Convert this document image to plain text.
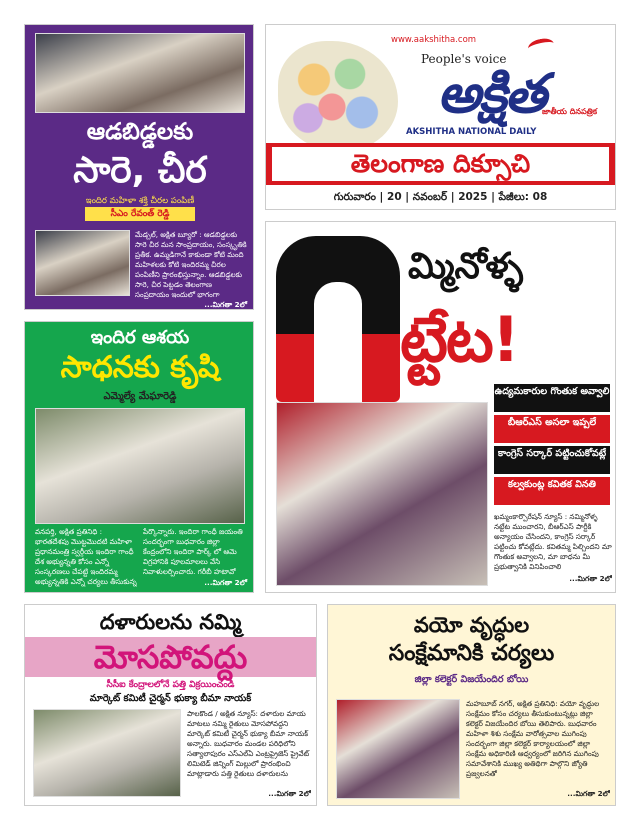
ఆడబిడ్డలకు
సారె, చీర
ఇందిర మహిళా శక్తి చీరల పంపిణీ
సీఎం రేవంత్ రెడ్డి
మేడ్చల్, అక్షిత బ్యూరో : ఆడబిడ్డలకు సారె చీర మన సాంప్రదాయం, సంస్కృతికి ప్రతీక. ఉమ్మడిగానే కాకుండా కోటి మంది మహిళలకు కోటి ఇందిరమ్మ చీరల పంపిణీని ప్రారంభిస్తున్నాం. ఆడబిడ్డలకు సారె, చీర పెట్టడం తెలంగాణ సంప్రదాయం ఇందులో భాగంగా
...మిగతా 2లో
www.aakshitha.com
People's voice
అక్షిత
జాతీయ దినపత్రిక
AKSHITHA NATIONAL DAILY
తెలంగాణ దిక్సూచి
గురువారం | 20 | నవంబర్ | 2025 | పేజీలు: 08
ఇందిర ఆశయ
సాధనకు కృషి
ఎమ్మెల్యే మేఘారెడ్డి
వనపర్తి, అక్షిత ప్రతినిధి : భారతదేశపు మొట్టమొదటి మహిళా ప్రధానమంత్రి స్వర్గీయ ఇందిరా గాంధీ దేశ అభ్యున్నతి కోసం ఎన్నో సంస్కరణలు చేపట్టి ఇందిరమ్మ అభ్యున్నతికి ఎన్నో చర్యలు తీసుకున్న
పేర్కొన్నారు. ఇందిరా గాంధీ జయంతి సందర్భంగా బుధవారం జిల్లా కేంద్రంలోని ఇందిరా పార్క్ లో ఆమె విగ్రహానికి పూలమాలలు వేసి నివాళులర్పించారు. గరీబీ హటావో
...మిగతా 2లో
మ్మినోళ్ళ
ట్టేట!
ఉద్యమకారుల గొంతుక అవ్వాలి
బీఆర్ఎస్ అసలా ఇప్పలే
కాంగ్రెస్ సర్కార్ పట్టించుకోవట్లే
కల్వకుంట్ల కవితక వినతి
ఖమ్మంకార్పొరేషన్ న్యూస్ : నమ్మినోళ్ళ నట్టేట ముంచారని, బీఆర్ఎస్ పార్టీకి అన్యాయం చేసిందని, కాంగ్రెస్ సర్కార్ పట్టించు కోవట్లేదు. కవితమ్మ పిల్చిందని మా గొంతుక అవ్వాలని, మా బాధను మీ ప్రభుత్వానికి వినిపించాలి
...మిగతా 2లో
దళారులను నమ్మి
మోసపోవద్దు
సీసీఐ కేంద్రాలలోనే పత్తి విక్రయించండి
మార్కెట్ కమిటీ చైర్మన్ భుక్యా బీమా నాయక్
పాలకొండ / అక్షిత న్యూస్: దళారుల మాయ మాటలు నమ్మి రైతులు మోసపోవద్దని మార్కెట్ కమిటీ చైర్మన్ భుక్యా బీమా నాయక్ అన్నారు. బుధవారం మండల పరిధిలోని సత్యాలాపురం ఎస్‌ఎల్‌ఏ ఎంట్రప్రైజెస్ ప్రైవేట్ లిమిటెడ్ జిన్నింగ్ మిల్లులో ప్రారంభించి మాట్లాడారు పత్తి రైతులు దళారులను
...మిగతా 2లో
వయో వృద్ధుల
సంక్షేమానికి చర్యలు
జిల్లా కలెక్టర్ విజయేందిర బోయి
మహబూబ్ నగర్, అక్షిత ప్రతినిధి: వయో వృద్ధుల సంక్షేమం కోసం చర్యలు తీసుకుంటున్నట్లు జిల్లా కలెక్టర్ విజయేందిర బోయి తెలిపారు. బుధవారం మహిళా శిశు సంక్షేమ వారోత్సవాల ముగింపు సందర్భంగా జిల్లా కలెక్టర్ కార్యాలయంలో జిల్లా సంక్షేమ అధికారిణి ఆధ్వర్యంలో జరిగిన ముగింపు సమావేశానికి ముఖ్య అతిథిగా పాల్గొని జ్యోతి ప్రజ్వలనతో
...మిగతా 2లో
